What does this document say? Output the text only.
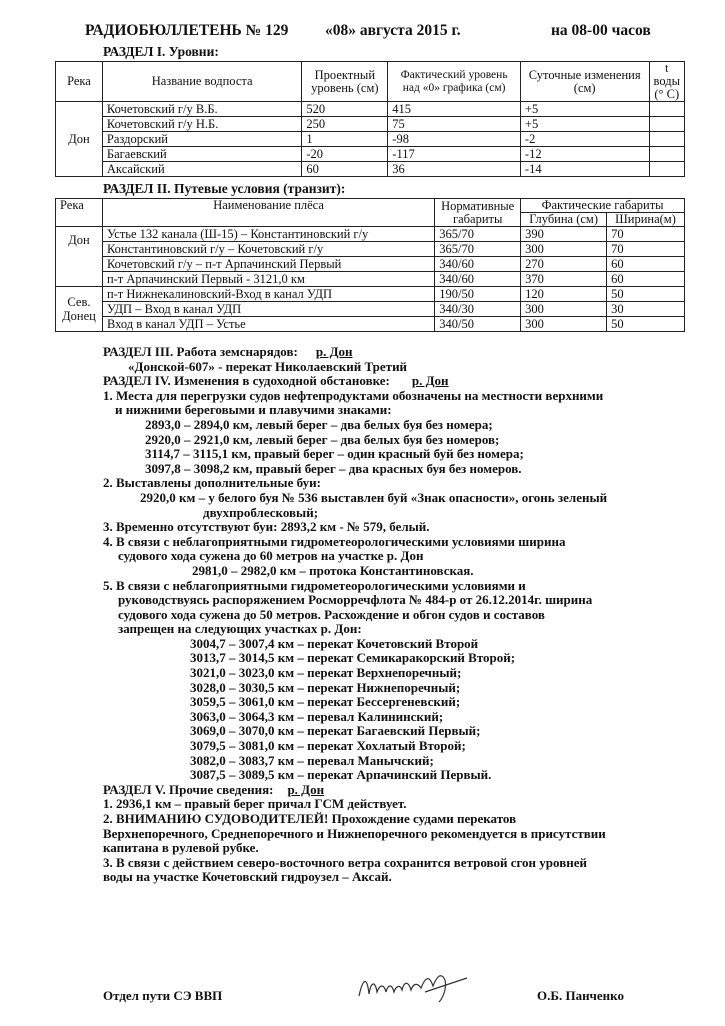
РАДИОБЮЛЛЕТЕНЬ № 129 «08» августа 2015 г.	на 08-00 часов
РАЗДЕЛ I. Уровни:
Река	Название водпоста	Проектный уровень (см)	Фактический уровень над «0» графика (см)	Суточные изменения (см)	t воды (° С)
Дон	Кочетовский г/у В.Б.	520	415	+5	
	Кочетовский г/у Н.Б.	250	75	+5	
	Раздорский	1	-98	-2	
	Багаевский	-20	-117	-12	
	Аксайский	60	36	-14	
РАЗДЕЛ II. Путевые условия (транзит):
Река	Наименование плёса	Нормативные габариты	Фактические габариты	
			Глубина (см)	Ширина(м)
Дон	Устье 132 канала (Ш-15) – Константиновский г/у	365/70	390	70
	Константиновский г/у – Кочетовский г/у	365/70	300	70
	Кочетовский г/у – п-т Арпачинский Первый	340/60	270	60
	п-т Арпачинский Первый - 3121,0 км	340/60	370	60
Сев. Донец	п-т Нижнекалиновский-Вход в канал УДП	190/50	120	50
	УДП – Вход в канал УДП	340/30	300	30
	Вход в канал УДП – Устье	340/50	300	50

РАЗДЕЛ III. Работа земснарядов: р. Дон

«Донской-607» - перекат Николаевский Третий

РАЗДЕЛ IV. Изменения в судоходной обстановке: р. Дон

1. Места для перегрузки судов нефтепродуктами обозначены на местности верхними

и нижними береговыми и плавучими знаками:

2893,0 – 2894,0 км, левый берег – два белых буя без номера;

2920,0 – 2921,0 км, левый берег – два белых буя без номеров;

3114,7 – 3115,1 км, правый берег – один красный буй без номера;

3097,8 – 3098,2 км, правый берег – два красных буя без номеров.

2. Выставлены дополнительные буи:

2920,0 км – у белого буя № 536 выставлен буй «Знак опасности», огонь зеленый

двухпроблесковый;

3. Временно отсутствуют буи: 2893,2 км - № 579, белый.

4. В связи с неблагоприятными гидрометеорологическими условиями ширина

судового хода сужена до 60 метров на участке р. Дон

2981,0 – 2982,0 км – протока Константиновская.

5. В связи с неблагоприятными гидрометеорологическими условиями и

руководствуясь распоряжением Росморречфлота № 484-р от 26.12.2014г. ширина

судового хода сужена до 50 метров. Расхождение и обгон судов и составов

запрещен на следующих участках р. Дон:

3004,7 – 3007,4 км – перекат Кочетовский Второй

3013,7 – 3014,5 км – перекат Семикаракорский Второй;

3021,0 – 3023,0 км – перекат Верхнепоречный;

3028,0 – 3030,5 км – перекат Нижнепоречный;

3059,5 – 3061,0 км – перекат Бессергеневский;

3063,0 – 3064,3 км – перевал Калининский;

3069,0 – 3070,0 км – перекат Багаевский Первый;

3079,5 – 3081,0 км – перекат Хохлатый Второй;

3082,0 – 3083,7 км – перевал Манычский;

3087,5 – 3089,5 км – перекат Арпачинский Первый.

РАЗДЕЛ V. Прочие сведения: р. Дон

1. 2936,1 км – правый берег причал ГСМ действует.

2. ВНИМАНИЮ СУДОВОДИТЕЛЕЙ! Прохождение судами перекатов

Верхнепоречного, Среднепоречного и Нижнепоречного рекомендуется в присутствии

капитана в рулевой рубке.

3. В связи с действием северо-восточного ветра сохранится ветровой сгон уровней

воды на участке Кочетовский гидроузел – Аксай.

Отдел пути СЭ ВВП	О.Б. Панченко
